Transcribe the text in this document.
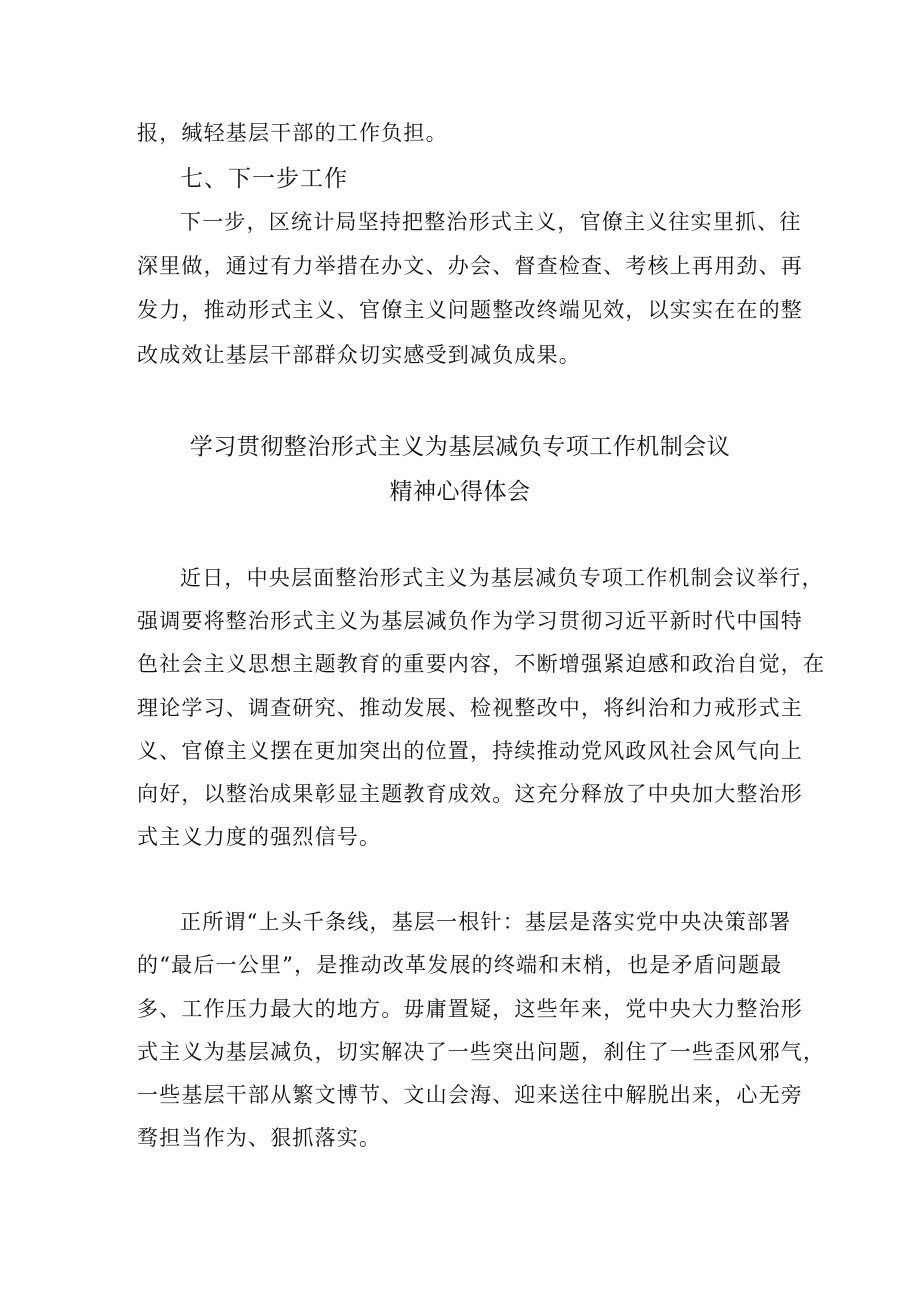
报，缄轻基层干部的工作负担。
七、下一步工作
下一步，区统计局坚持把整治形式主义，官僚主义往实里抓、往
深里做，通过有力举措在办文、办会、督查检查、考核上再用劲、再
发力，推动形式主义、官僚主义问题整改终端见效，以实实在在的整
改成效让基层干部群众切实感受到减负成果。
学习贯彻整治形式主义为基层减负专项工作机制会议
精神心得体会
近日，中央层面整治形式主义为基层减负专项工作机制会议举行，
强调要将整治形式主义为基层减负作为学习贯彻习近平新时代中国特
色社会主义思想主题教育的重要内容，不断增强紧迫感和政治自觉，在
理论学习、调查研究、推动发展、检视整改中，将纠治和力戒形式主
义、官僚主义摆在更加突出的位置，持续推动党风政风社会风气向上
向好，以整治成果彰显主题教育成效。这充分释放了中央加大整治形
式主义力度的强烈信号。
正所谓“上头千条线，基层一根针：基层是落实党中央决策部署
的“最后一公里”，是推动改革发展的终端和末梢，也是矛盾问题最
多、工作压力最大的地方。毋庸置疑，这些年来，党中央大力整治形
式主义为基层减负，切实解决了一些突出问题，刹住了一些歪风邪气，
一些基层干部从繁文博节、文山会海、迎来送往中解脱出来，心无旁
骛担当作为、狠抓落实。
